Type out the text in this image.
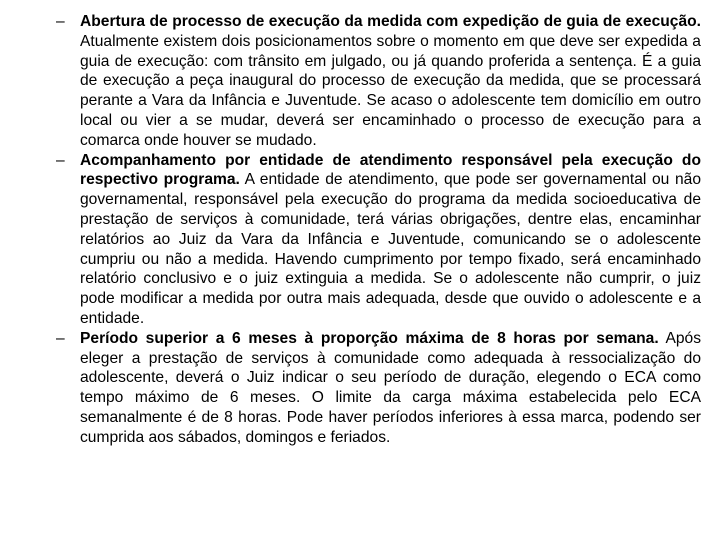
– Abertura de processo de execução da medida com expedição de guia de execução. Atualmente existem dois posicionamentos sobre o momento em que deve ser expedida a guia de execução: com trânsito em julgado, ou já quando proferida a sentença. É a guia de execução a peça inaugural do processo de execução da medida, que se processará perante a Vara da Infância e Juventude. Se acaso o adolescente tem domicílio em outro local ou vier a se mudar, deverá ser encaminhado o processo de execução para a comarca onde houver se mudado.
– Acompanhamento por entidade de atendimento responsável pela execução do respectivo programa. A entidade de atendimento, que pode ser governamental ou não governamental, responsável pela execução do programa da medida socioeducativa de prestação de serviços à comunidade, terá várias obrigações, dentre elas, encaminhar relatórios ao Juiz da Vara da Infância e Juventude, comunicando se o adolescente cumpriu ou não a medida. Havendo cumprimento por tempo fixado, será encaminhado relatório conclusivo e o juiz extinguia a medida. Se o adolescente não cumprir, o juiz pode modificar a medida por outra mais adequada, desde que ouvido o adolescente e a entidade.
– Período superior a 6 meses à proporção máxima de 8 horas por semana. Após eleger a prestação de serviços à comunidade como adequada à ressocialização do adolescente, deverá o Juiz indicar o seu período de duração, elegendo o ECA como tempo máximo de 6 meses. O limite da carga máxima estabelecida pelo ECA semanalmente é de 8 horas. Pode haver períodos inferiores à essa marca, podendo ser cumprida aos sábados, domingos e feriados.
